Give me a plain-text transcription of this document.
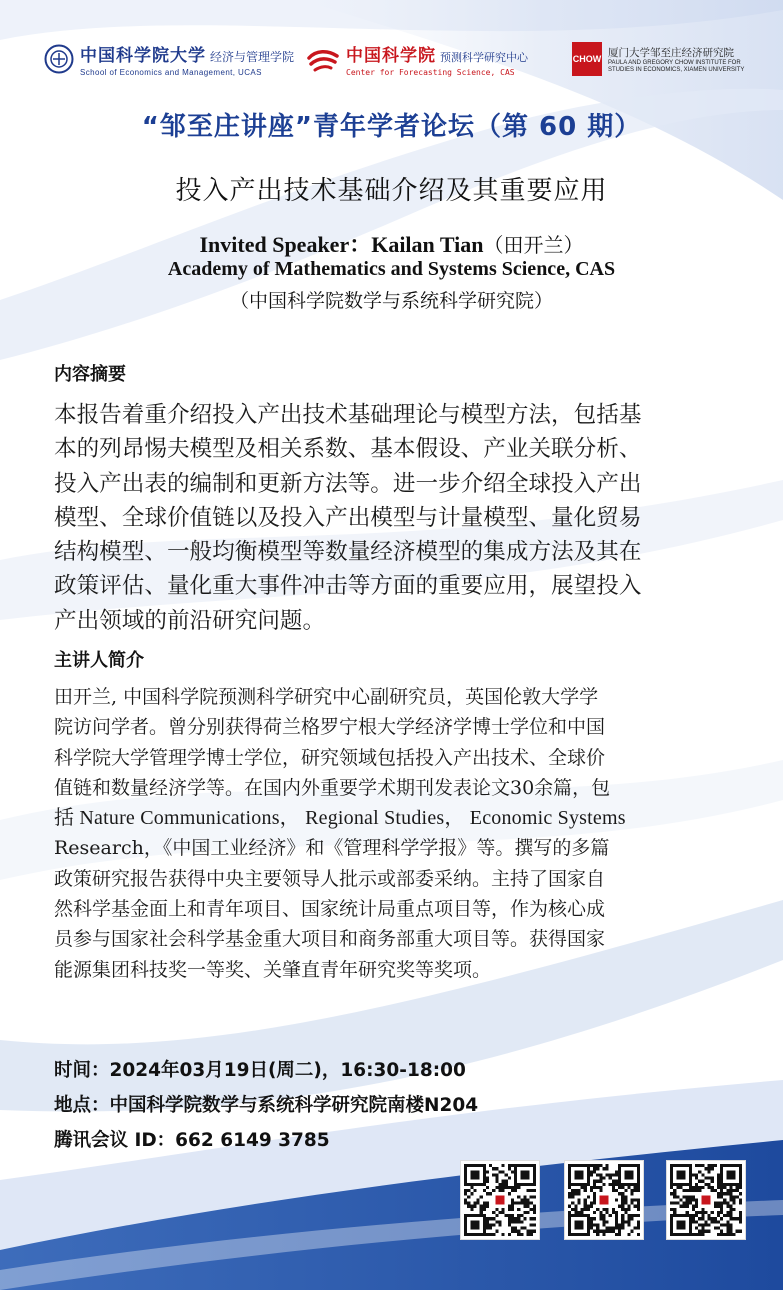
中国科学院大学 经济与管理学院
School of Economics and Management, UCAS
中国科学院 预测科学研究中心
Center for Forecasting Science, CAS
CHOW 厦门大学邹至庄经济研究院
PAULA AND GREGORY CHOW INSTITUTE FOR
STUDIES IN ECONOMICS, XIAMEN UNIVERSITY
“邹至庄讲座”青年学者论坛（第 60 期）
投入产出技术基础介绍及其重要应用
Invited Speaker：Kailan Tian（田开兰）
Academy of Mathematics and Systems Science, CAS
（中国科学院数学与系统科学研究院）
内容摘要
本报告着重介绍投入产出技术基础理论与模型方法，包括基
本的列昂惕夫模型及相关系数、基本假设、产业关联分析、
投入产出表的编制和更新方法等。进一步介绍全球投入产出
模型、全球价值链以及投入产出模型与计量模型、量化贸易
结构模型、一般均衡模型等数量经济模型的集成方法及其在
政策评估、量化重大事件冲击等方面的重要应用，展望投入
产出领域的前沿研究问题。
主讲人简介
田开兰, 中国科学院预测科学研究中心副研究员，英国伦敦大学学
院访问学者。曾分别获得荷兰格罗宁根大学经济学博士学位和中国
科学院大学管理学博士学位，研究领域包括投入产出技术、全球价
值链和数量经济学等。在国内外重要学术期刊发表论文30余篇，包
括 Nature Communications， Regional Studies， Economic Systems
Research，《中国工业经济》和《管理科学学报》等。撰写的多篇
政策研究报告获得中央主要领导人批示或部委采纳。主持了国家自
然科学基金面上和青年项目、国家统计局重点项目等，作为核心成
员参与国家社会科学基金重大项目和商务部重大项目等。获得国家
能源集团科技奖一等奖、关肇直青年研究奖等奖项。
时间：2024年03月19日(周二)，16:30-18:00
地点：中国科学院数学与系统科学研究院南楼N204
腾讯会议 ID：662 6149 3785
